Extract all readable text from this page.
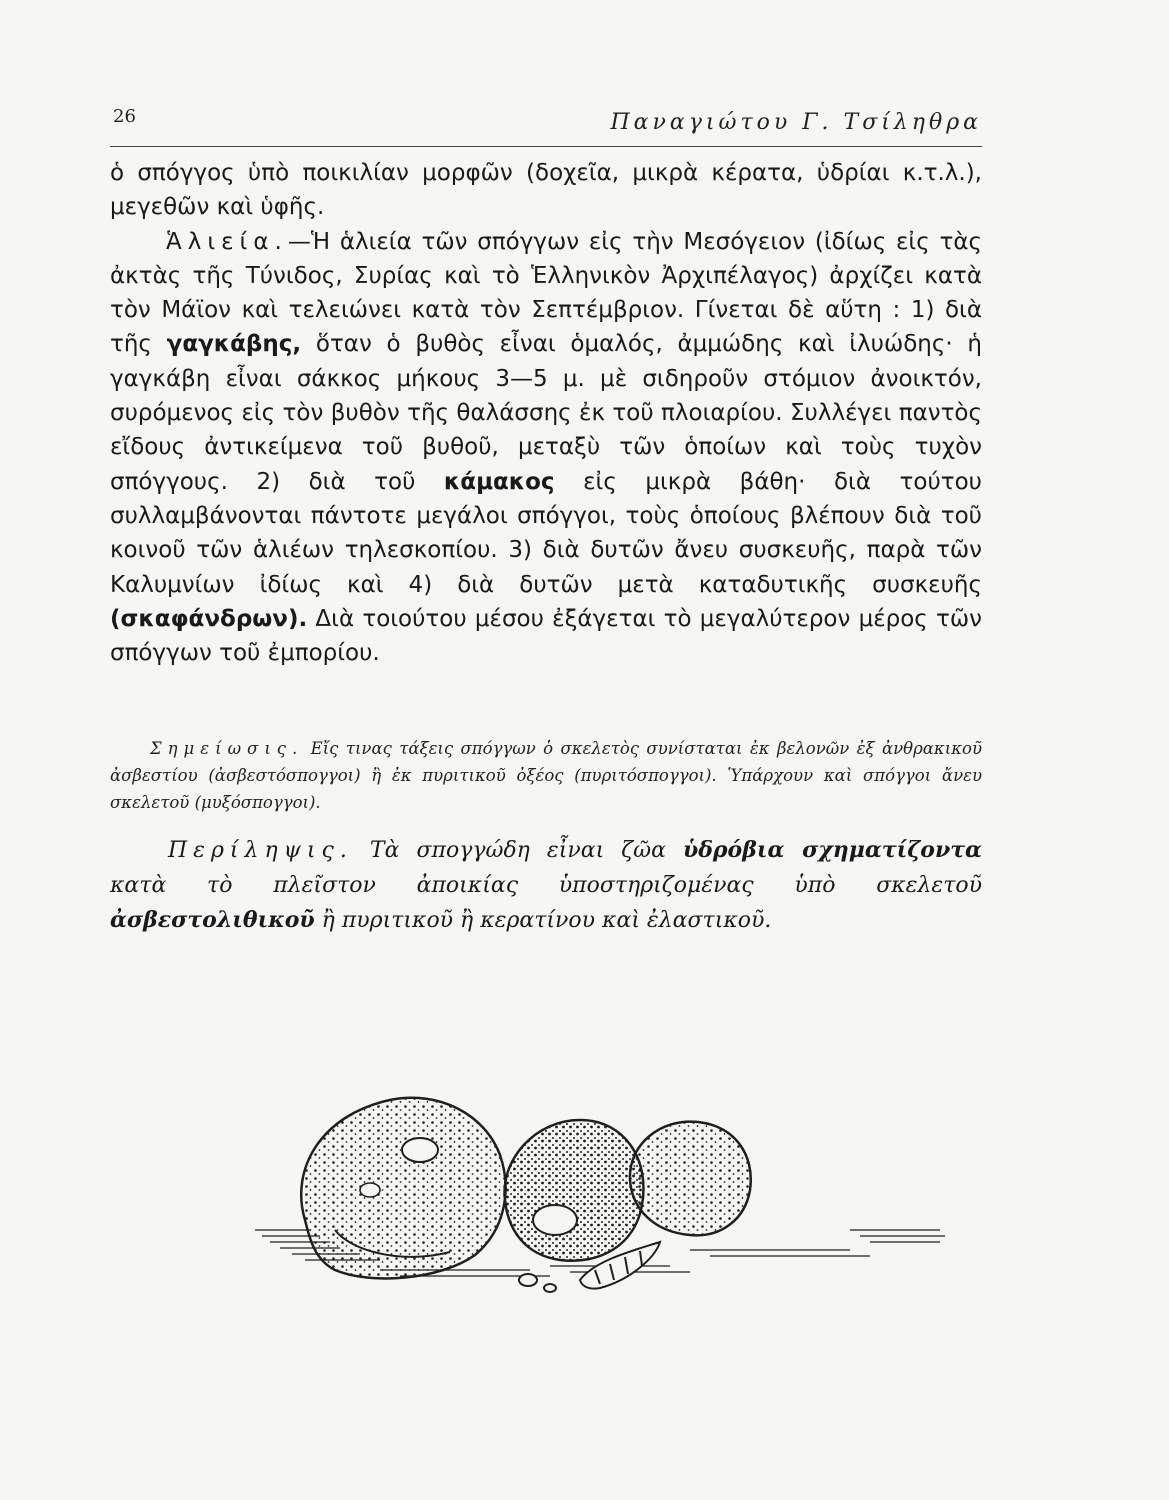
26	Παναγιώτου Γ. Τσίληθρα

ὁ σπόγγος ὑπὸ ποικιλίαν μορφῶν (δοχεῖα, μικρὰ κέρατα, ὑδρίαι κ.τ.λ.), μεγεθῶν καὶ ὑφῆς.

Ἁλιεία.—Ἡ ἁλιεία τῶν σπόγγων εἰς τὴν Μεσόγειον (ἰδίως εἰς τὰς ἀκτὰς τῆς Τύνιδος, Συρίας καὶ τὸ Ἑλληνικὸν Ἀρχιπέλαγος) ἀρχίζει κατὰ τὸν Μάϊον καὶ τελειώνει κατὰ τὸν Σεπτέμβριον. Γίνεται δὲ αὕτη : 1) διὰ τῆς γαγκάβης, ὅταν ὁ βυθὸς εἶναι ὁμαλός, ἀμμώδης καὶ ἰλυώδης· ἡ γαγκάβη εἶναι σάκκος μήκους 3—5 μ. μὲ σιδηροῦν στόμιον ἀνοικτόν, συρόμενος εἰς τὸν βυθὸν τῆς θαλάσσης ἐκ τοῦ πλοιαρίου. Συλλέγει παντὸς εἴδους ἀντικείμενα τοῦ βυθοῦ, μεταξὺ τῶν ὁποίων καὶ τοὺς τυχὸν σπόγγους. 2) διὰ τοῦ κάμακος εἰς μικρὰ βάθη· διὰ τούτου συλλαμβάνονται πάντοτε μεγάλοι σπόγγοι, τοὺς ὁποίους βλέπουν διὰ τοῦ κοινοῦ τῶν ἁλιέων τηλεσκοπίου. 3) διὰ δυτῶν ἄνευ συσκευῆς, παρὰ τῶν Καλυμνίων ἰδίως καὶ 4) διὰ δυτῶν μετὰ καταδυτικῆς συσκευῆς (σκαφάνδρων). Διὰ τοιούτου μέσου ἐξάγεται τὸ μεγαλύτερον μέρος τῶν σπόγγων τοῦ ἐμπορίου.

Σημείωσις. Εἴς τινας τάξεις σπόγγων ὁ σκελετὸς συνίσταται ἐκ βελονῶν ἐξ ἀνθρακικοῦ ἀσβεστίου (ἀσβεστόσπογγοι) ἢ ἐκ πυριτικοῦ ὀξέος (πυριτόσπογγοι). Ὑπάρχουν καὶ σπόγγοι ἄνευ σκελετοῦ (μυξόσπογγοι).
Περίληψις. Τὰ σπογγώδη εἶναι ζῶα ὑδρόβια σχηματίζοντα κατὰ τὸ πλεῖστον ἀποικίας ὑποστηριζομένας ὑπὸ σκελετοῦ ἀσβεστολιθικοῦ ἢ πυριτικοῦ ἢ κερατίνου καὶ ἐλαστικοῦ.
